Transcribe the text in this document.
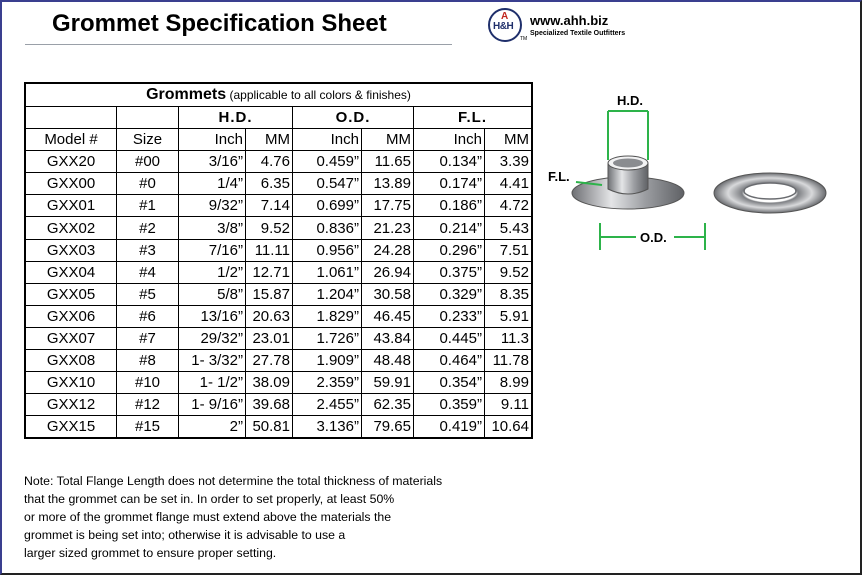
Grommet Specification Sheet	A
H&H
TM
www.ahh.biz
Specialized Textile Outfitters
Grommets (applicable to all colors & finishes)							
		H.D.		O.D.		F.L.	
Model #	Size	Inch	MM	Inch	MM	Inch	MM
GXX20	#00	3/16”	4.76	0.459”	11.65	0.134”	3.39
GXX00	#0	1/4”	6.35	0.547”	13.89	0.174”	4.41
GXX01	#1	9/32”	7.14	0.699”	17.75	0.186”	4.72
GXX02	#2	3/8”	9.52	0.836”	21.23	0.214”	5.43
GXX03	#3	7/16”	11.11	0.956”	24.28	0.296”	7.51
GXX04	#4	1/2”	12.71	1.061”	26.94	0.375”	9.52
GXX05	#5	5/8”	15.87	1.204”	30.58	0.329”	8.35
GXX06	#6	13/16”	20.63	1.829”	46.45	0.233”	5.91
GXX07	#7	29/32”	23.01	1.726”	43.84	0.445”	11.3
GXX08	#8	1- 3/32”	27.78	1.909”	48.48	0.464”	11.78
GXX10	#10	1- 1/2”	38.09	2.359”	59.91	0.354”	8.99
GXX12	#12	1- 9/16”	39.68	2.455”	62.35	0.359”	9.11
GXX15	#15	2”	50.81	3.136”	79.65	0.419”	10.64

Note: Total Flange Length does not determine the total thickness of materials

that the grommet can be set in. In order to set properly, at least 50%

or more of the grommet flange must extend above the materials the

grommet is being set into; otherwise it is advisable to use a

larger sized grommet to ensure proper setting.

H.D.
F.L.
O.D.
